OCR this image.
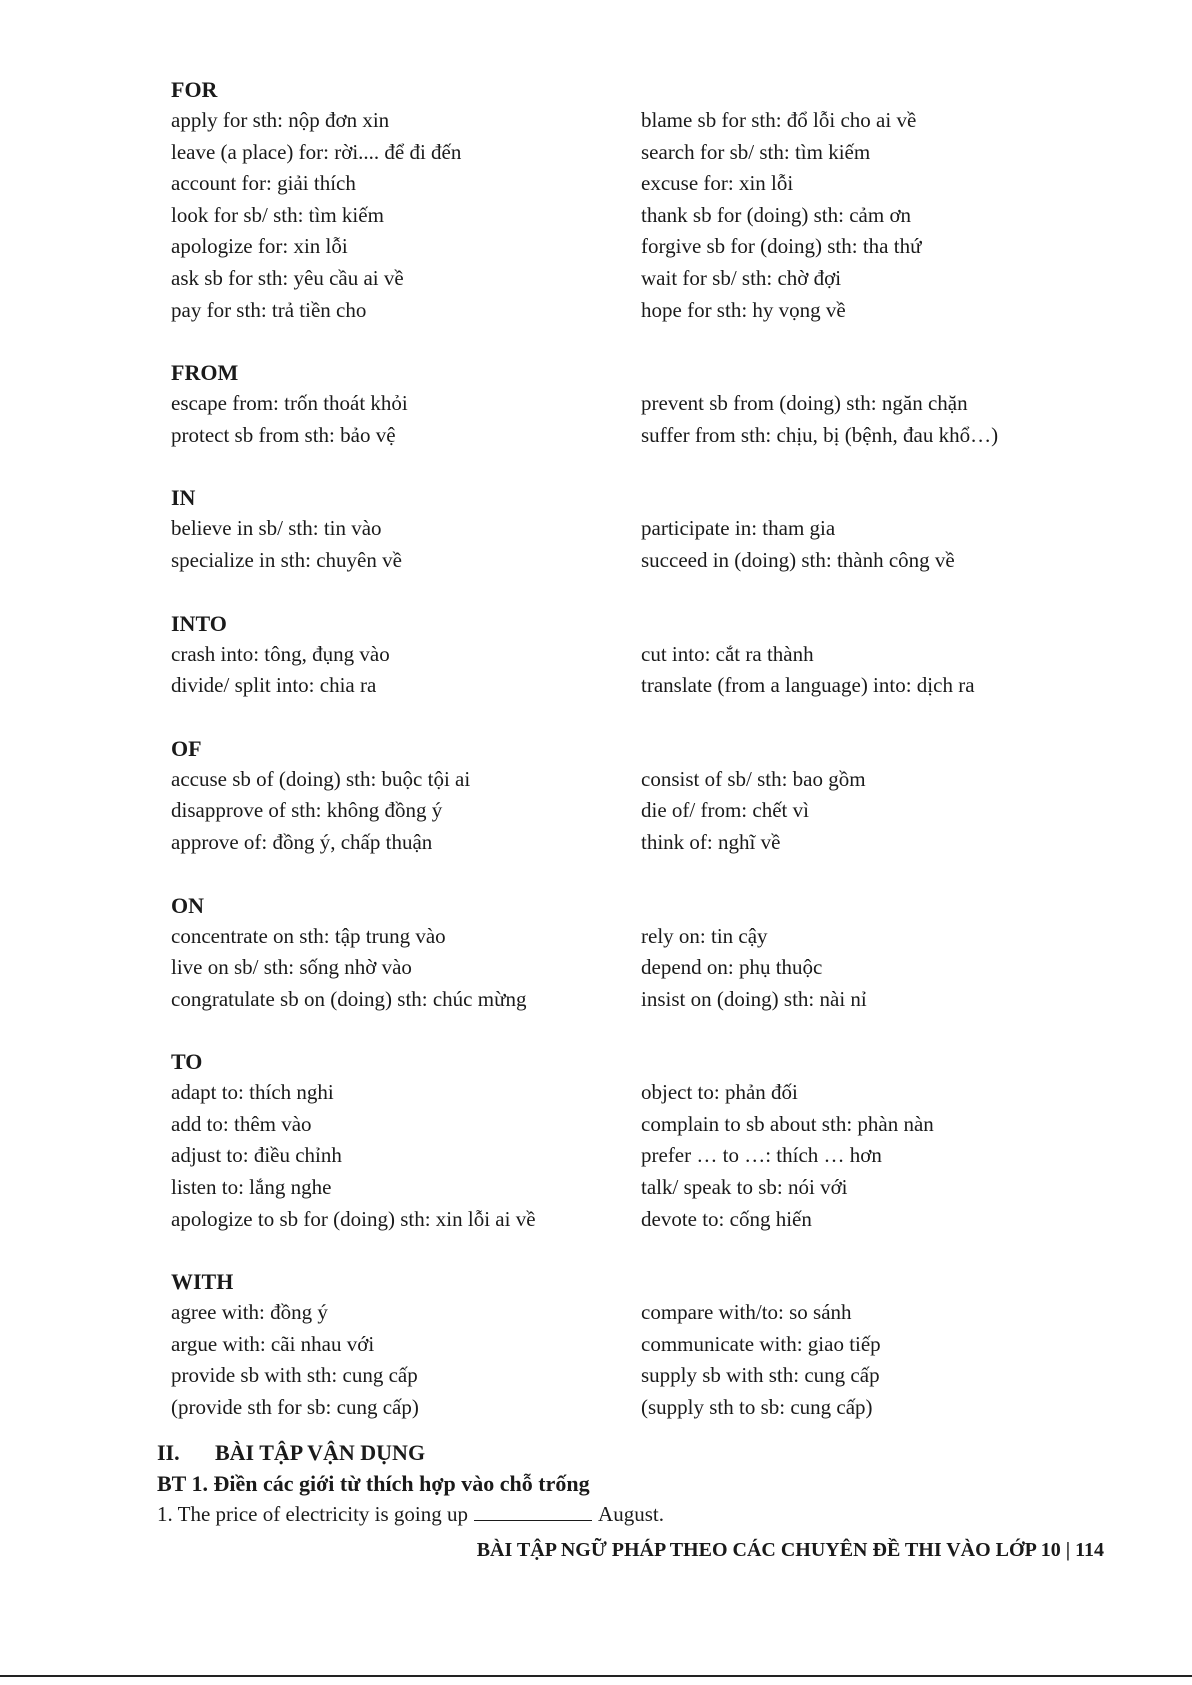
FOR
apply for sth: nộp đơn xin	blame sb for sth: đổ lỗi cho ai về
leave (a place) for: rời.... để đi đến	search for sb/ sth: tìm kiếm
account for: giải thích	excuse for: xin lỗi
look for sb/ sth: tìm kiếm	thank sb for (doing) sth: cảm ơn
apologize for: xin lỗi	forgive sb for (doing) sth: tha thứ
ask sb for sth: yêu cầu ai về	wait for sb/ sth: chờ đợi
pay for sth: trả tiền cho	hope for sth: hy vọng về
FROM
escape from: trốn thoát khỏi	prevent sb from (doing) sth: ngăn chặn
protect sb from sth: bảo vệ	suffer from sth: chịu, bị (bệnh, đau khổ…)
IN
believe in sb/ sth: tin vào	participate in: tham gia
specialize in sth: chuyên về	succeed in (doing) sth: thành công về
INTO
crash into: tông, đụng vào	cut into: cắt ra thành
divide/ split into: chia ra	translate (from a language) into: dịch ra
OF
accuse sb of (doing) sth: buộc tội ai	consist of sb/ sth: bao gồm
disapprove of sth: không đồng ý	die of/ from: chết vì
approve of: đồng ý, chấp thuận	think of: nghĩ về
ON
concentrate on sth: tập trung vào	rely on: tin cậy
live on sb/ sth: sống nhờ vào	depend on: phụ thuộc
congratulate sb on (doing) sth: chúc mừng	insist on (doing) sth: nài nỉ
TO
adapt to: thích nghi	object to: phản đối
add to: thêm vào	complain to sb about sth: phàn nàn
adjust to: điều chỉnh	prefer … to …: thích … hơn
listen to: lắng nghe	talk/ speak to sb: nói với
apologize to sb for (doing) sth: xin lỗi ai về	devote to: cống hiến
WITH
agree with: đồng ý	compare with/to: so sánh
argue with: cãi nhau với	communicate with: giao tiếp
provide sb with sth: cung cấp	supply sb with sth: cung cấp
(provide sth for sb: cung cấp)	(supply sth to sb: cung cấp)
II.	BÀI TẬP VẬN DỤNG
BT 1. Điền các giới từ thích hợp vào chỗ trống
1. The price of electricity is going up	August.
BÀI TẬP NGỮ PHÁP THEO CÁC CHUYÊN ĐỀ THI VÀO LỚP 10 | 114
